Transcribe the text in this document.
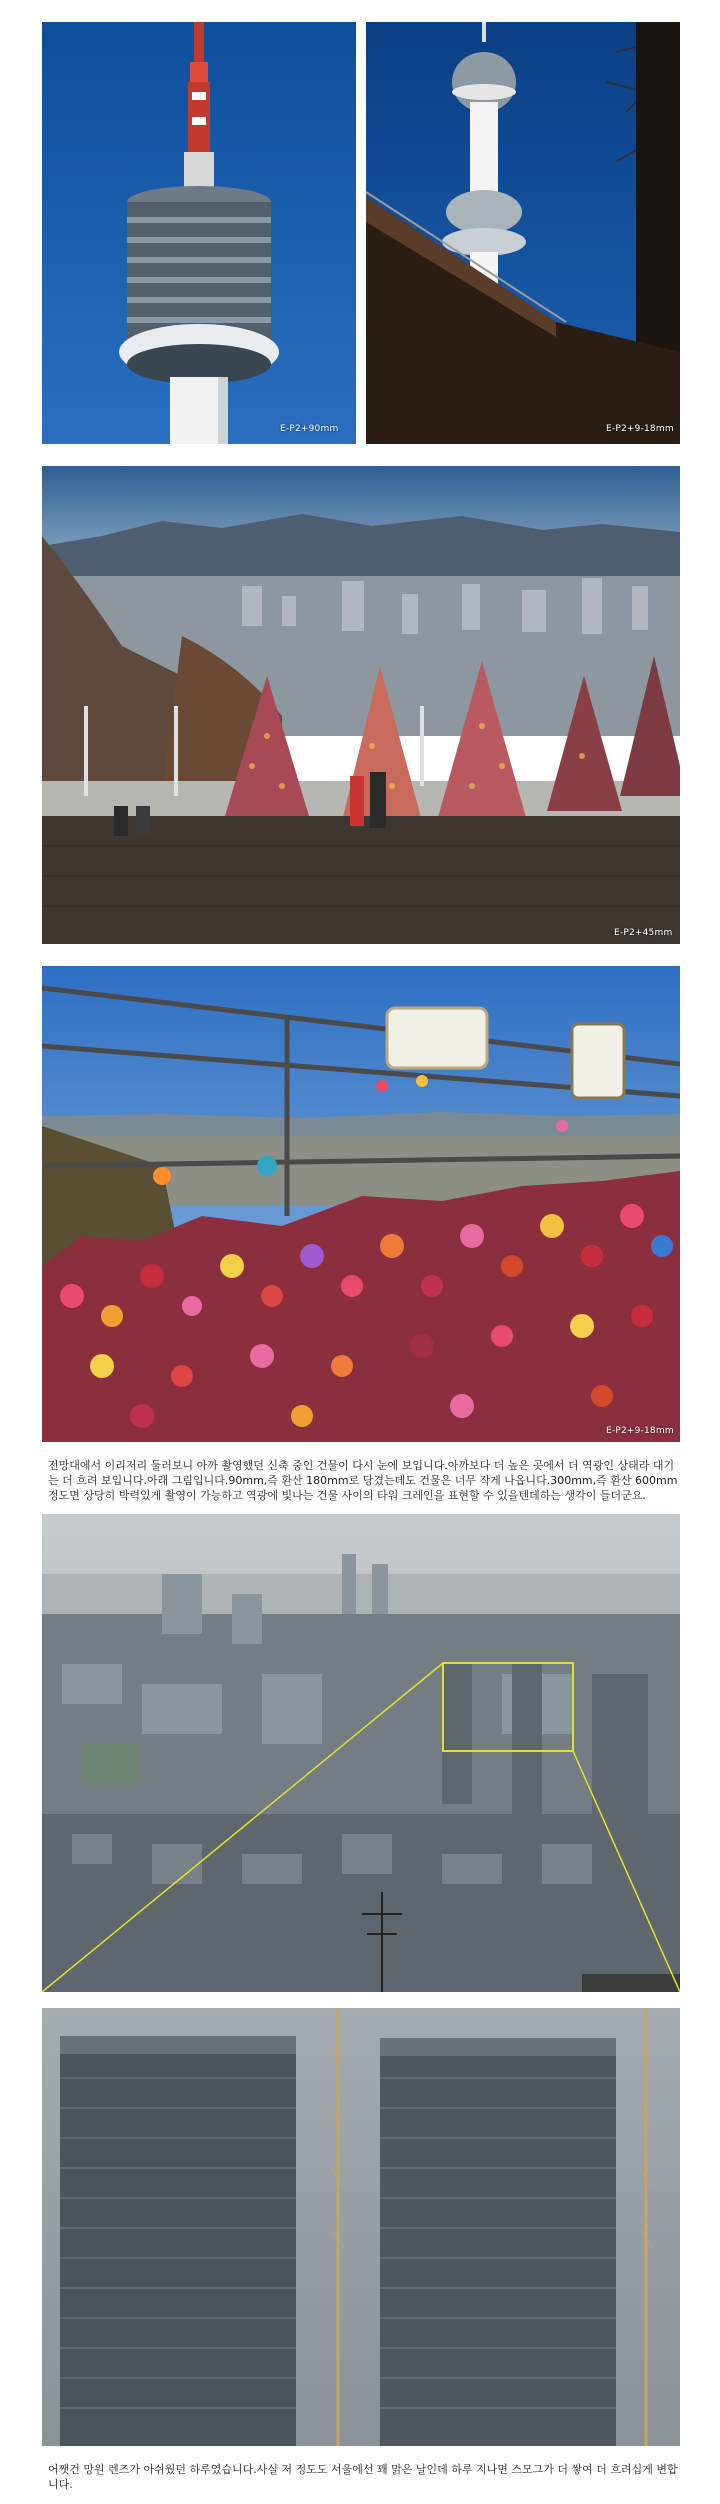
E-P2+90mm	E-P2+9-18mm
E-P2+45mm
E-P2+9-18mm
전망대에서 이리저리 둘러보니 아까 촬영했던 신축 중인 건물이 다시 눈에 보입니다.아까보다 더 높은 곳에서 더 역광인 상태라 대기는 더 흐려 보입니다.아래 그림입니다.90mm,즉 환산 180mm로 당겼는데도 건물은 너무 작게 나옵니다.300mm,즉 환산 600mm 정도면 상당히 박력있게 촬영이 가능하고 역광에 빛나는 건물 사이의 타워 크레인을 표현할 수 있을텐데하는 생각이 들더군요.
어쨋건 망원 렌즈가 아쉬웠던 하루였습니다.사실 저 정도도 서울에선 꽤 맑은 날인데 하루 지나면 스모그가 더 쌓여 더 흐려십게 변합니다.
